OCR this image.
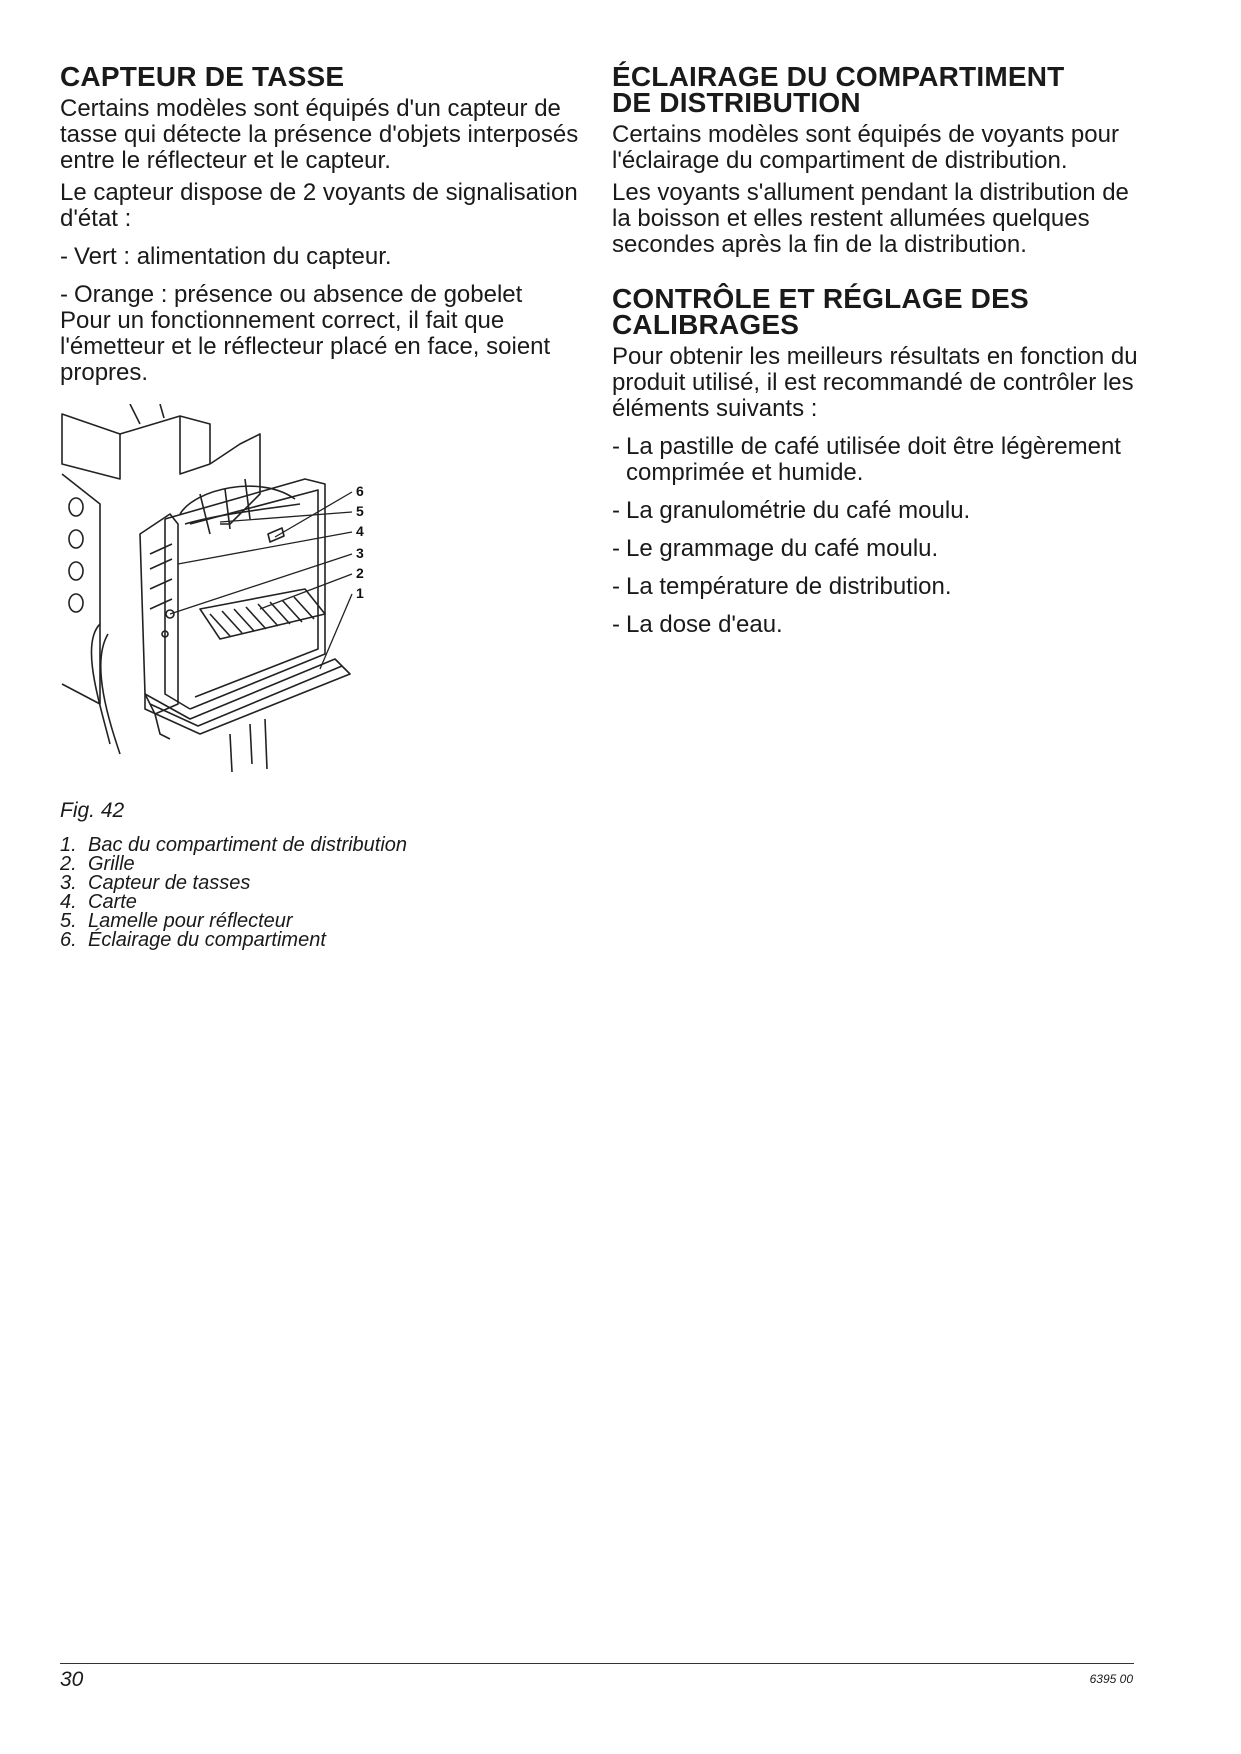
CAPTEUR DE TASSE

Certains modèles sont équipés d'un capteur de tasse qui détecte la présence d'objets interposés entre le réflecteur et le capteur.

Le capteur dispose de 2 voyants de signalisation d'état :

- Vert : alimentation du capteur.
- Orange : présence ou absence de gobelet

Pour un fonctionnement correct, il fait que l'émetteur et le réflecteur placé en face, soient propres.

6
5
4
3
2
1
Fig. 42
1. Bac du compartiment de distribution
2. Grille
3. Capteur de tasses
4. Carte
5. Lamelle pour réflecteur
6. Éclairage du compartiment
ÉCLAIRAGE DU COMPARTIMENT
DE DISTRIBUTION

Certains modèles sont équipés de voyants pour l'éclairage du compartiment de distribution.

Les voyants s'allument pendant la distribution de la boisson et elles restent allumées quelques secondes après la fin de la distribution.

CONTRÔLE ET RÉGLAGE DES
CALIBRAGES

Pour obtenir les meilleurs résultats en fonction du produit utilisé, il est recommandé de contrôler les éléments suivants :

- La pastille de café utilisée doit être légèrement comprimée et humide.
- La granulométrie du café moulu.
- Le grammage du café moulu.
- La température de distribution.
- La dose d'eau.
30	6395 00
